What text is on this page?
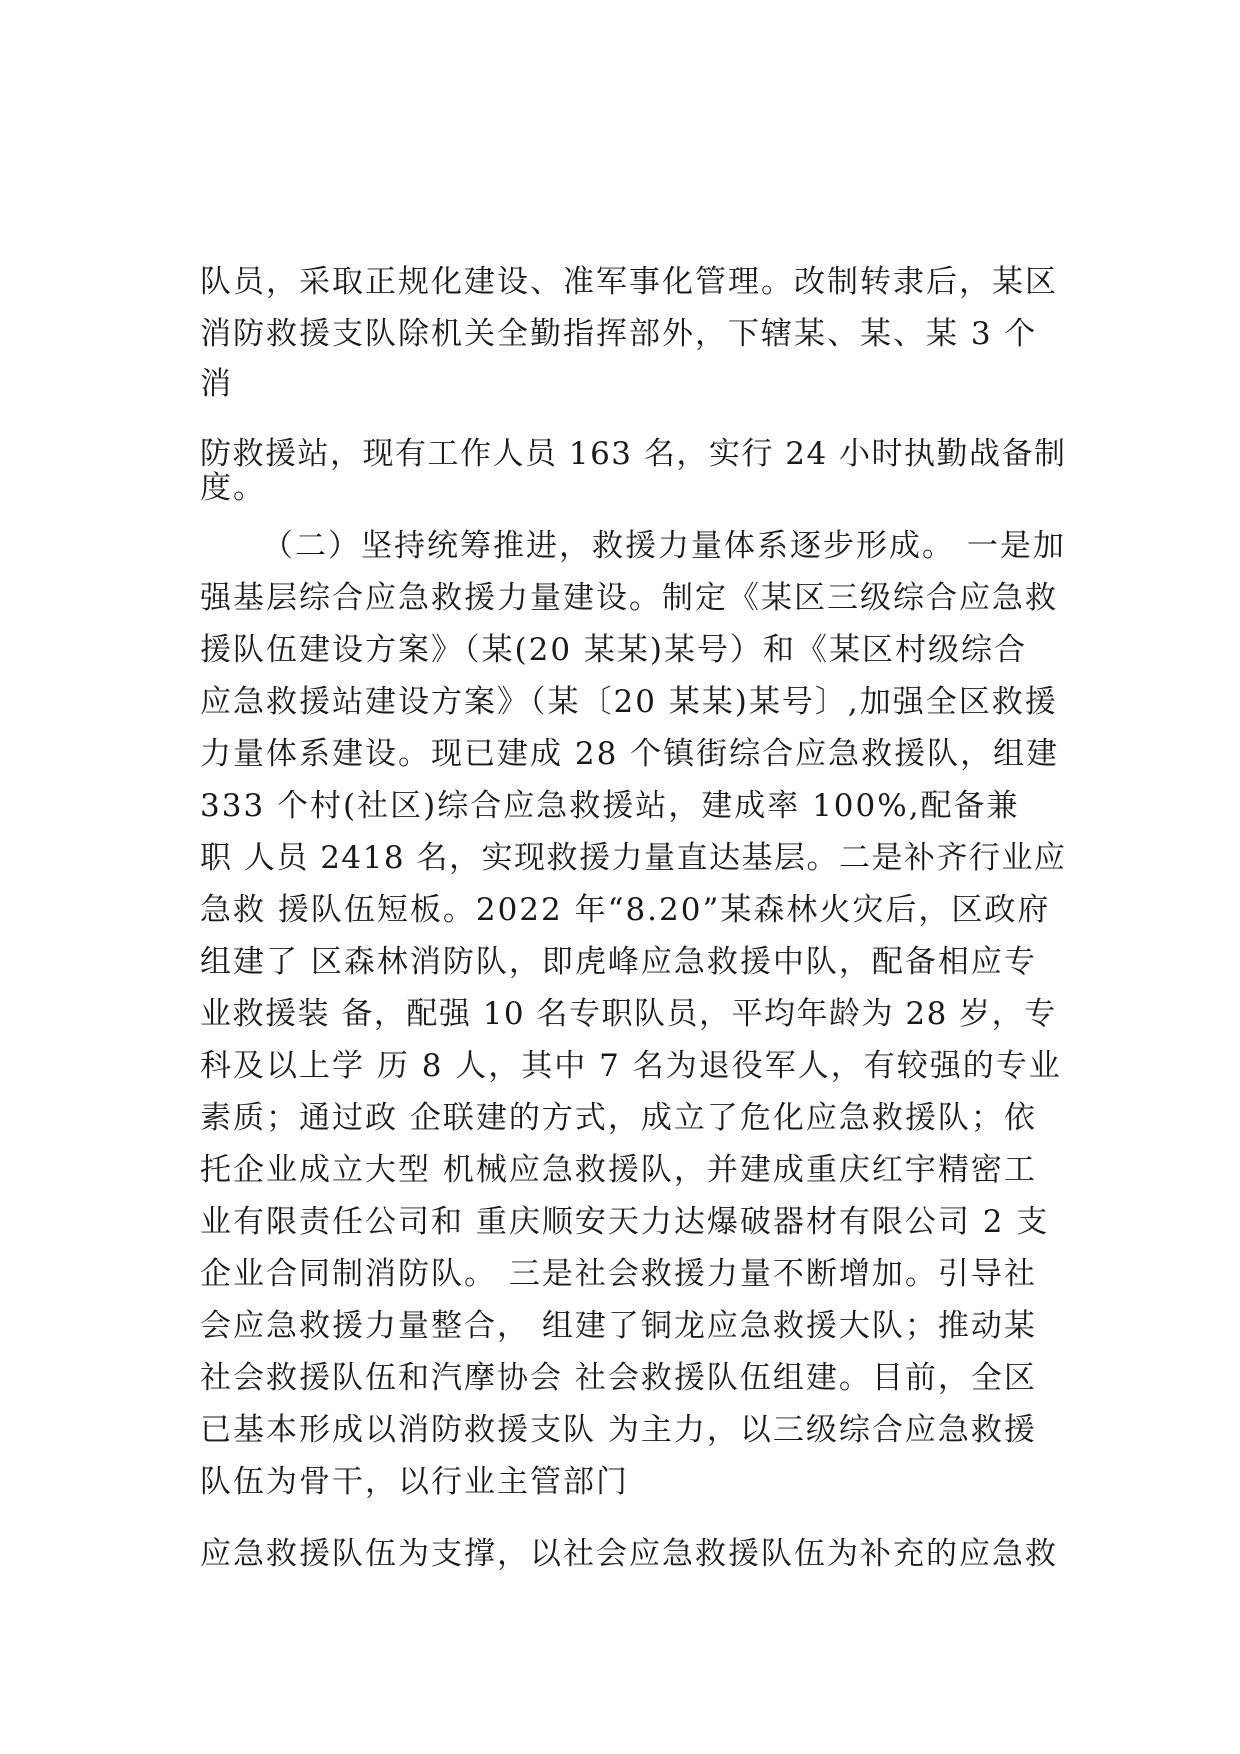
队员，采取正规化建设、准军事化管理。改制转隶后，某区
消防救援支队除机关全勤指挥部外，下辖某、某、某 3 个
消
防救援站，现有工作人员 163 名，实行 24 小时执勤战备制
度。
（二）坚持统筹推进，救援力量体系逐步形成。 一是加
强基层综合应急救援力量建设。制定《某区三级综合应急救
援队伍建设方案》（某(20 某某)某号）和《某区村级综合
应急救援站建设方案》（某〔20 某某)某号〕,加强全区救援
力量体系建设。现已建成 28 个镇街综合应急救援队，组建
333 个村(社区)综合应急救援站，建成率 100%,配备兼
职 人员 2418 名，实现救援力量直达基层。二是补齐行业应
急救 援队伍短板。2022 年“8.20”某森林火灾后，区政府
组建了 区森林消防队，即虎峰应急救援中队，配备相应专
业救援装 备，配强 10 名专职队员，平均年龄为 28 岁，专
科及以上学 历 8 人，其中 7 名为退役军人，有较强的专业
素质；通过政 企联建的方式，成立了危化应急救援队；依
托企业成立大型 机械应急救援队，并建成重庆红宇精密工
业有限责任公司和 重庆顺安天力达爆破器材有限公司 2 支
企业合同制消防队。 三是社会救援力量不断增加。引导社
会应急救援力量整合， 组建了铜龙应急救援大队；推动某
社会救援队伍和汽摩协会 社会救援队伍组建。目前，全区
已基本形成以消防救援支队 为主力，以三级综合应急救援
队伍为骨干，以行业主管部门
应急救援队伍为支撑，以社会应急救援队伍为补充的应急救
